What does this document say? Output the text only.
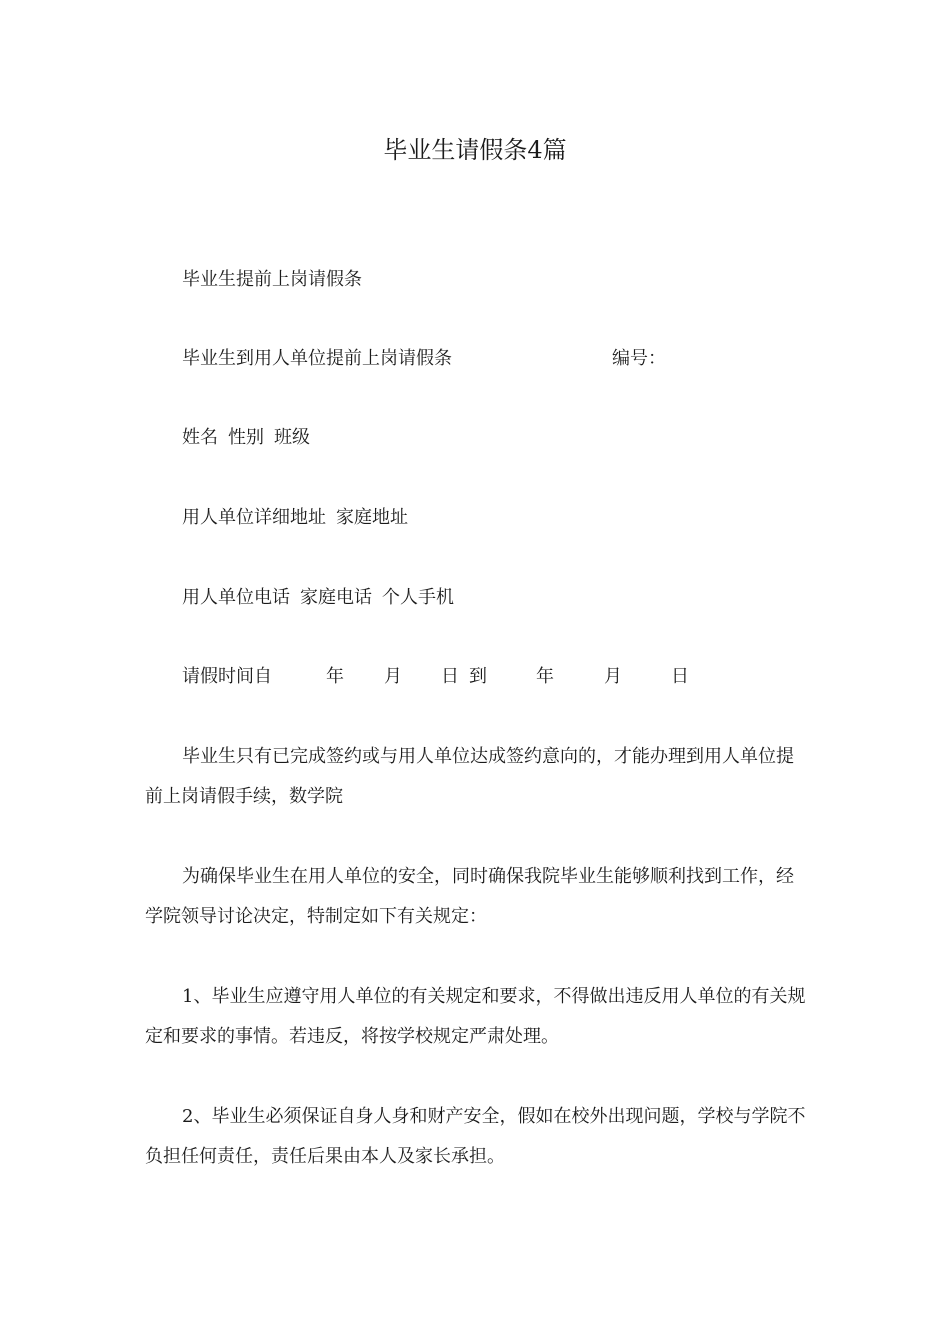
毕业生请假条4篇
毕业生提前上岗请假条
毕业生到用人单位提前上岗请假条	编号：
姓名 性别 班级
用人单位详细地址 家庭地址
用人单位电话 家庭电话 个人手机
请假时间自	年 月 日 到	年	月	日
毕业生只有已完成签约或与用人单位达成签约意向的，才能办理到用人单位提前上岗请假手续，数学院
为确保毕业生在用人单位的安全，同时确保我院毕业生能够顺利找到工作，经学院领导讨论决定，特制定如下有关规定：
1、毕业生应遵守用人单位的有关规定和要求，不得做出违反用人单位的有关规定和要求的事情。若违反，将按学校规定严肃处理。
2、毕业生必须保证自身人身和财产安全，假如在校外出现问题，学校与学院不负担任何责任，责任后果由本人及家长承担。
